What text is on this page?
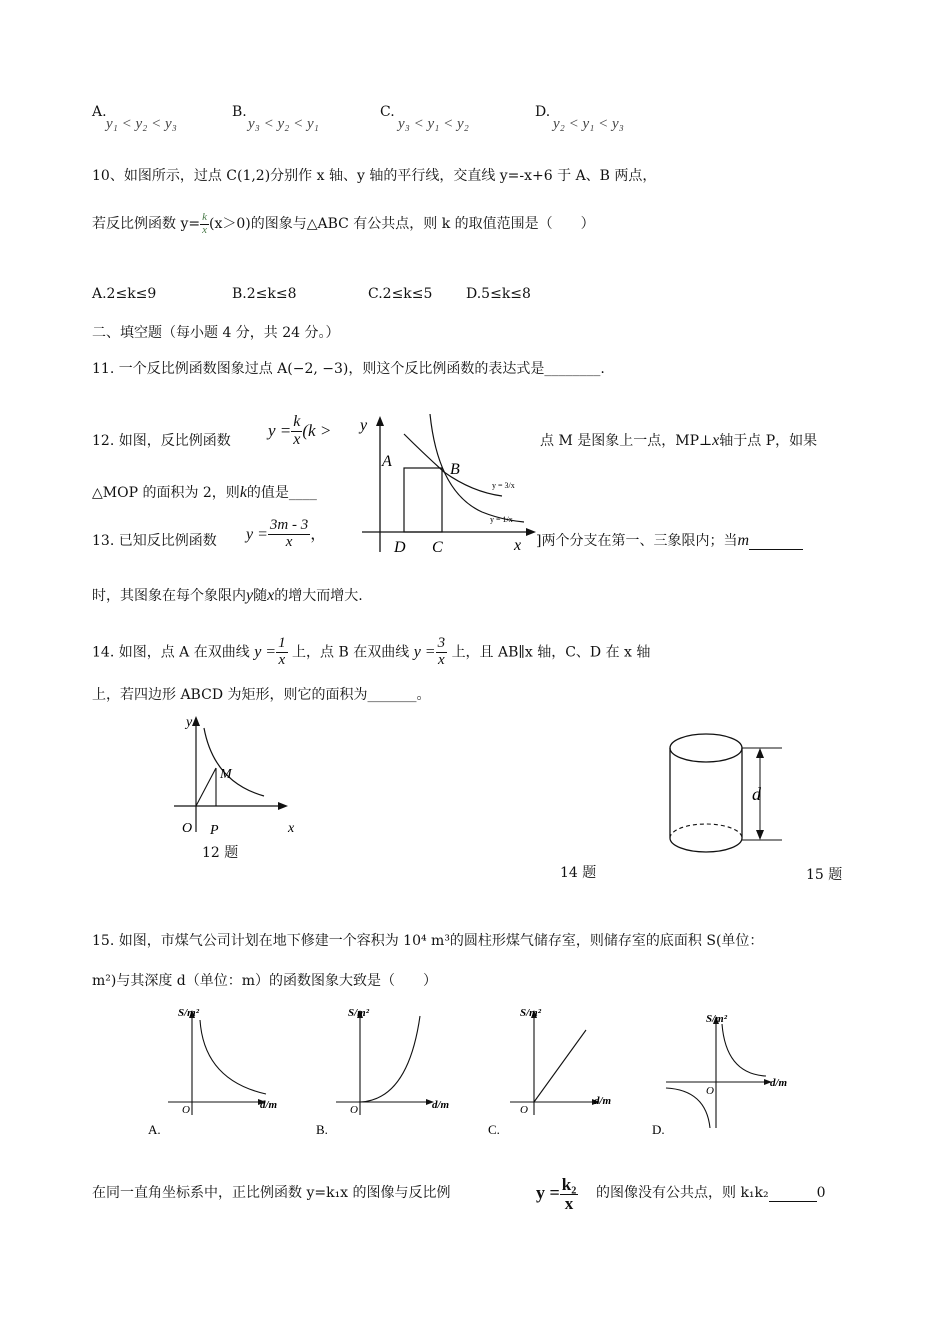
A.
y₁ < y₂ < y₃
B.
y₃ < y₂ < y₁
C.
y₃ < y₁ < y₂
D.
y₂ < y₁ < y₃
10、如图所示，过点 C(1,2)分别作 x 轴、y 轴的平行线，交直线 y=-x+6 于 A、B 两点，
若反比例函数 $y= \frac{k}{x} (x>0)$的图象与△ABC 有公共点，则 k 的取值范围是（　　）
A.2≤k≤9	B.2≤k≤8	C.2≤k≤5 D.5≤k≤8
二、填空题（每小题 4 分，共 24 分。）
11. 一个反比例函数图象过点 A(−2, −3)，则这个反比例函数的表达式是________.
12. 如图，反比例函数
$y = \frac{k}{x} (k$ >
点 M 是图象上一点，MP⊥x轴于点 P，如果
△MOP 的面积为 2，则k的值是____
y
A	B
D C	x
y = 3/x
y = 1/x
13. 已知反比例函数 $y = \frac{3m - 3}{x}$ ，	]两个分支在第一、三象限内；当m
时，其图象在每个象限内y随x的增大而增大.
14. 如图，点 A 在双曲线 $y = \frac{1}{x}$ 上，点 B 在双曲线 $y = \frac{3}{x}$ 上，且 AB∥x 轴，C、D 在 x 轴
上，若四边形 ABCD 为矩形，则它的面积为_______。
y
M
O P	x
12 题
14 题
d
15 题
15. 如图，市煤气公司计划在地下修建一个容积为 10⁴ m³的圆柱形煤气储存室，则储存室的底面积 S(单位：
m²)与其深度 d（单位：m）的函数图象大致是（　　）
S/m²
O	d/m
A.
S/m²
O	d/m
B.
S/m²
O
d/m
C.
S/m²
O
d/m
D.
在同一直角坐标系中，正比例函数 y=k₁x 的图像与反比例	$y = \frac{\text{k₂}}{x}$ 的图像没有公共点，则 k₁k₂	0
